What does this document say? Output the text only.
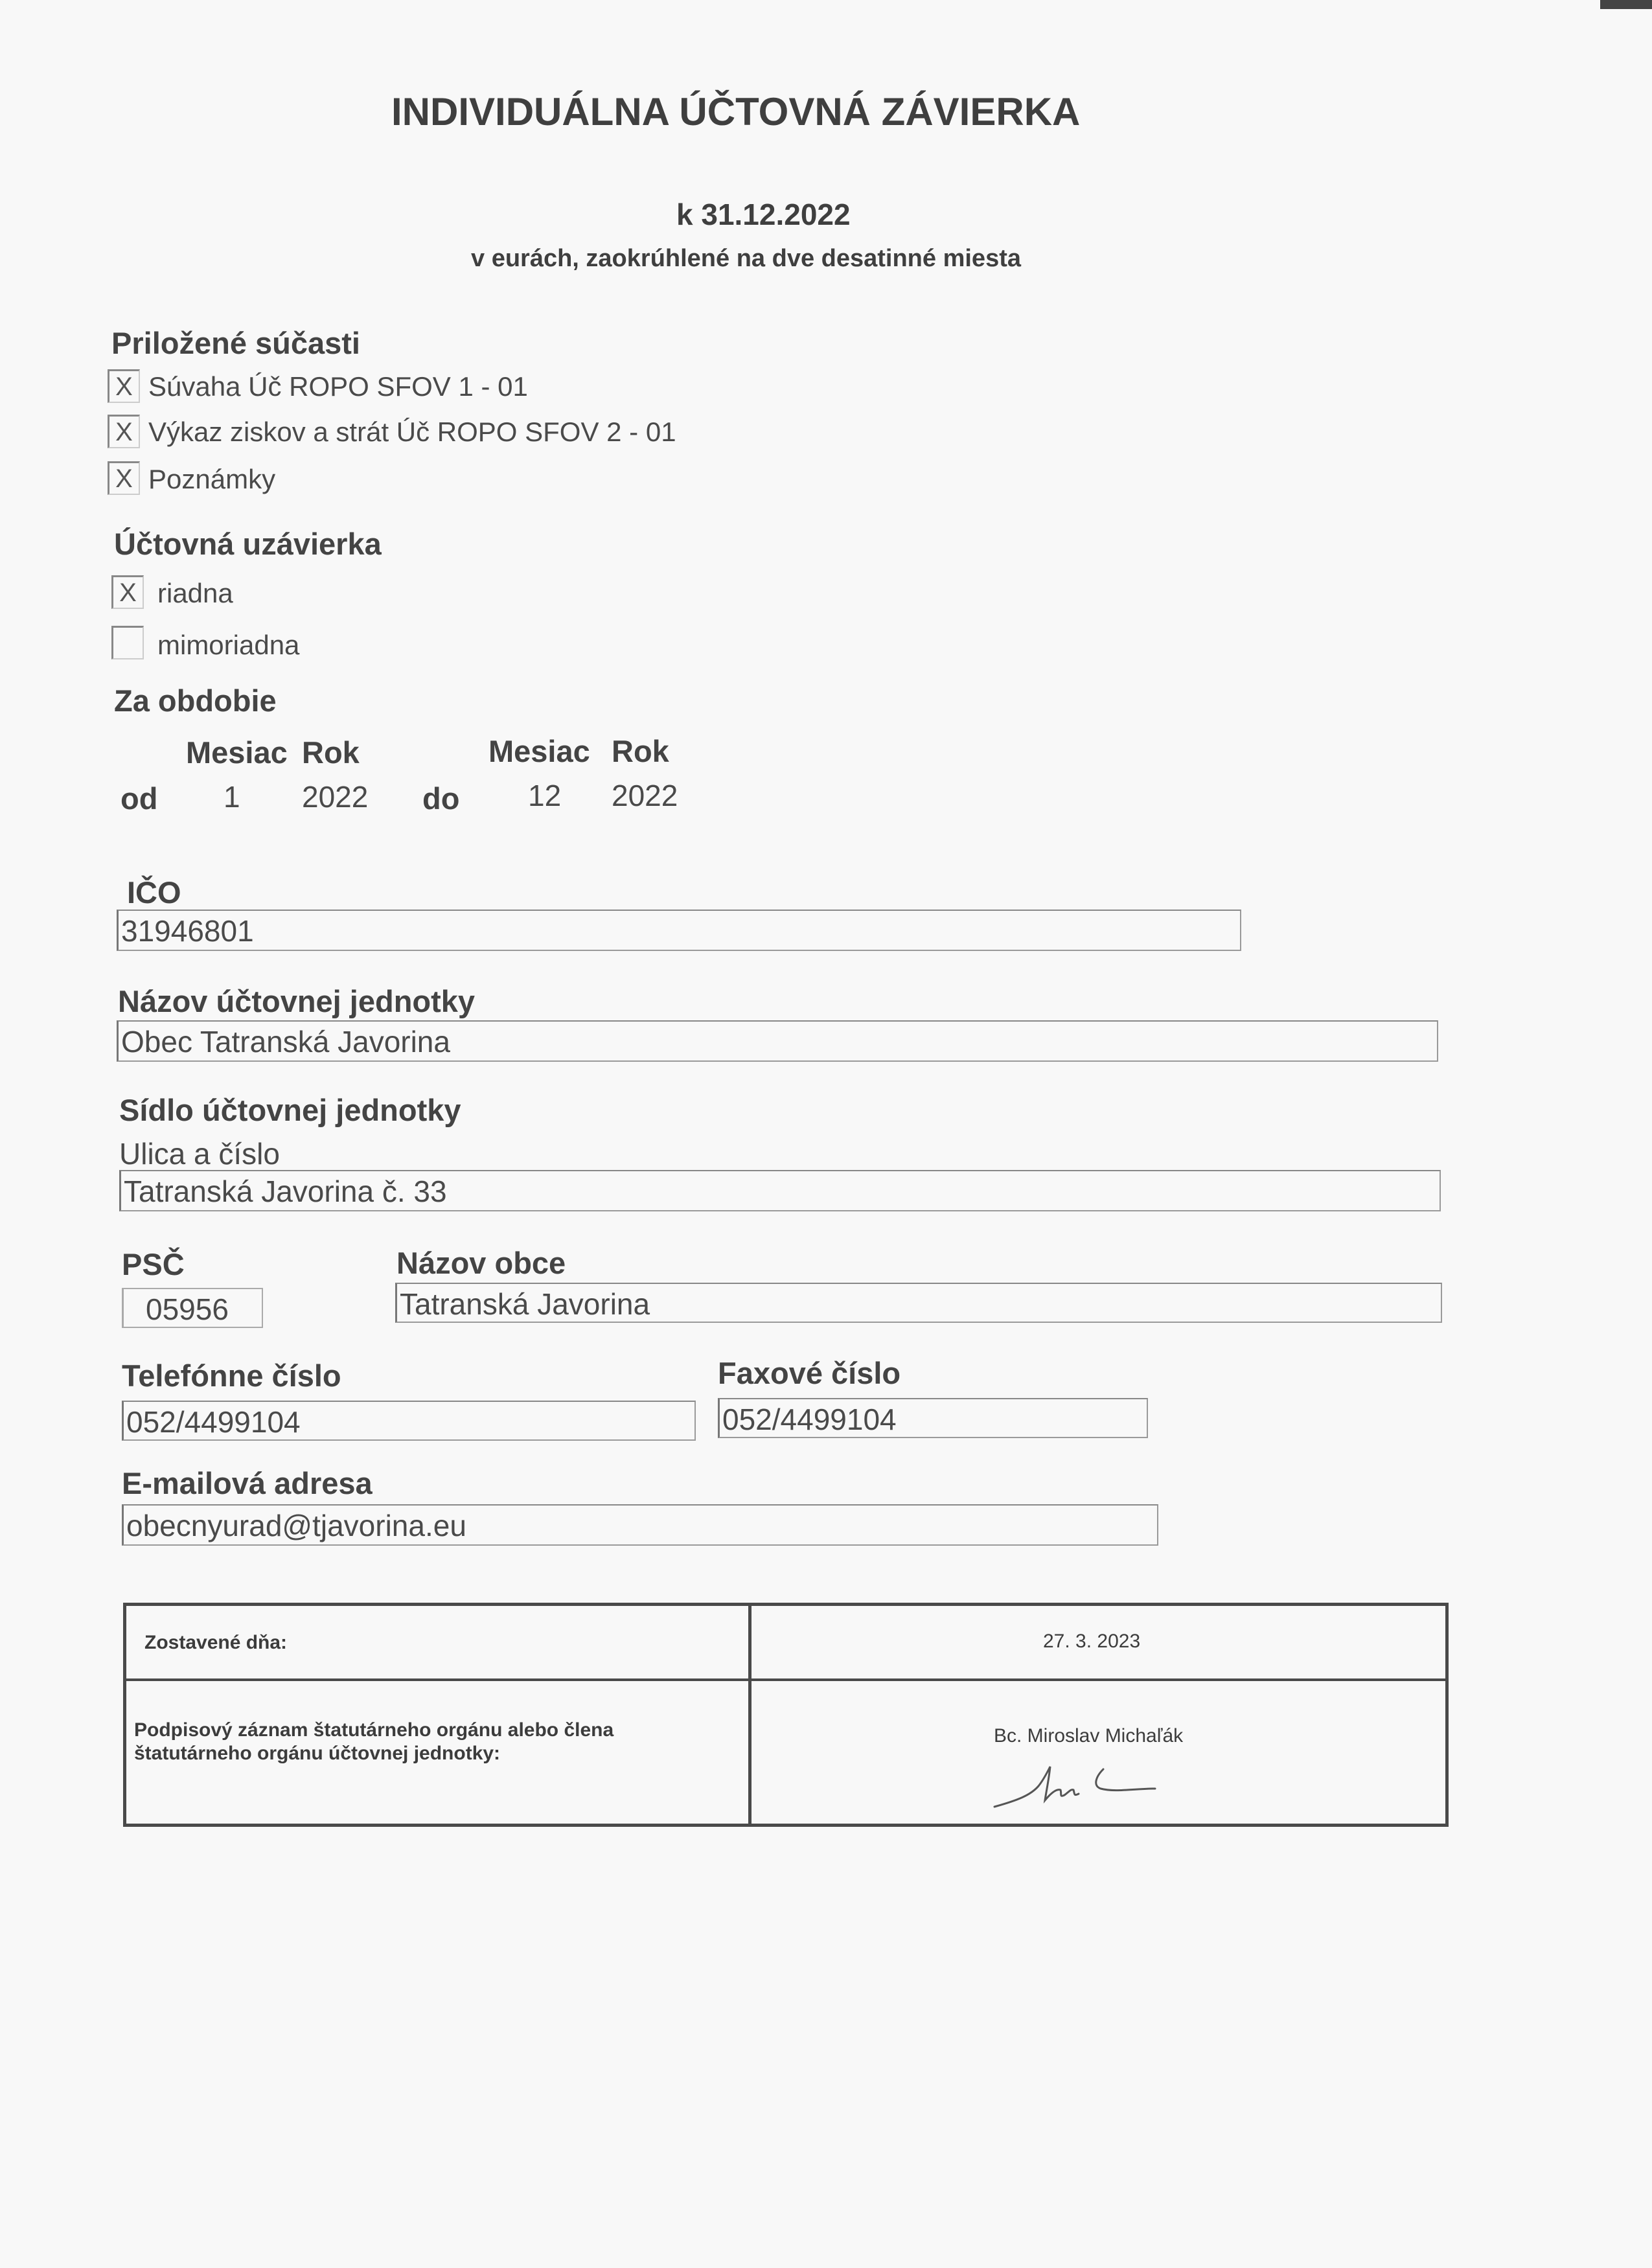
INDIVIDUÁLNA ÚČTOVNÁ ZÁVIERKA
k 31.12.2022
v eurách, zaokrúhlené na dve desatinné miesta
Priložené súčasti
X Súvaha Úč ROPO SFOV 1 - 01
X Výkaz ziskov a strát Úč ROPO SFOV 2 - 01
X Poznámky
Účtovná uzávierka
X riadna
mimoriadna
Za obdobie
Mesiac Rok	Mesiac Rok
od 1 2022 do 12 2022
IČO
31946801
Názov účtovnej jednotky
Obec Tatranská Javorina
Sídlo účtovnej jednotky
Ulica a číslo
Tatranská Javorina č. 33
PSČ	Názov obce
05956	Tatranská Javorina
Telefónne číslo	Faxové číslo
052/4499104	052/4499104
E-mailová adresa
obecnyurad@tjavorina.eu
Zostavené dňa:	27. 3. 2023
Podpisový záznam štatutárneho orgánu alebo člena
štatutárneho orgánu účtovnej jednotky:
Bc. Miroslav Michaľák
